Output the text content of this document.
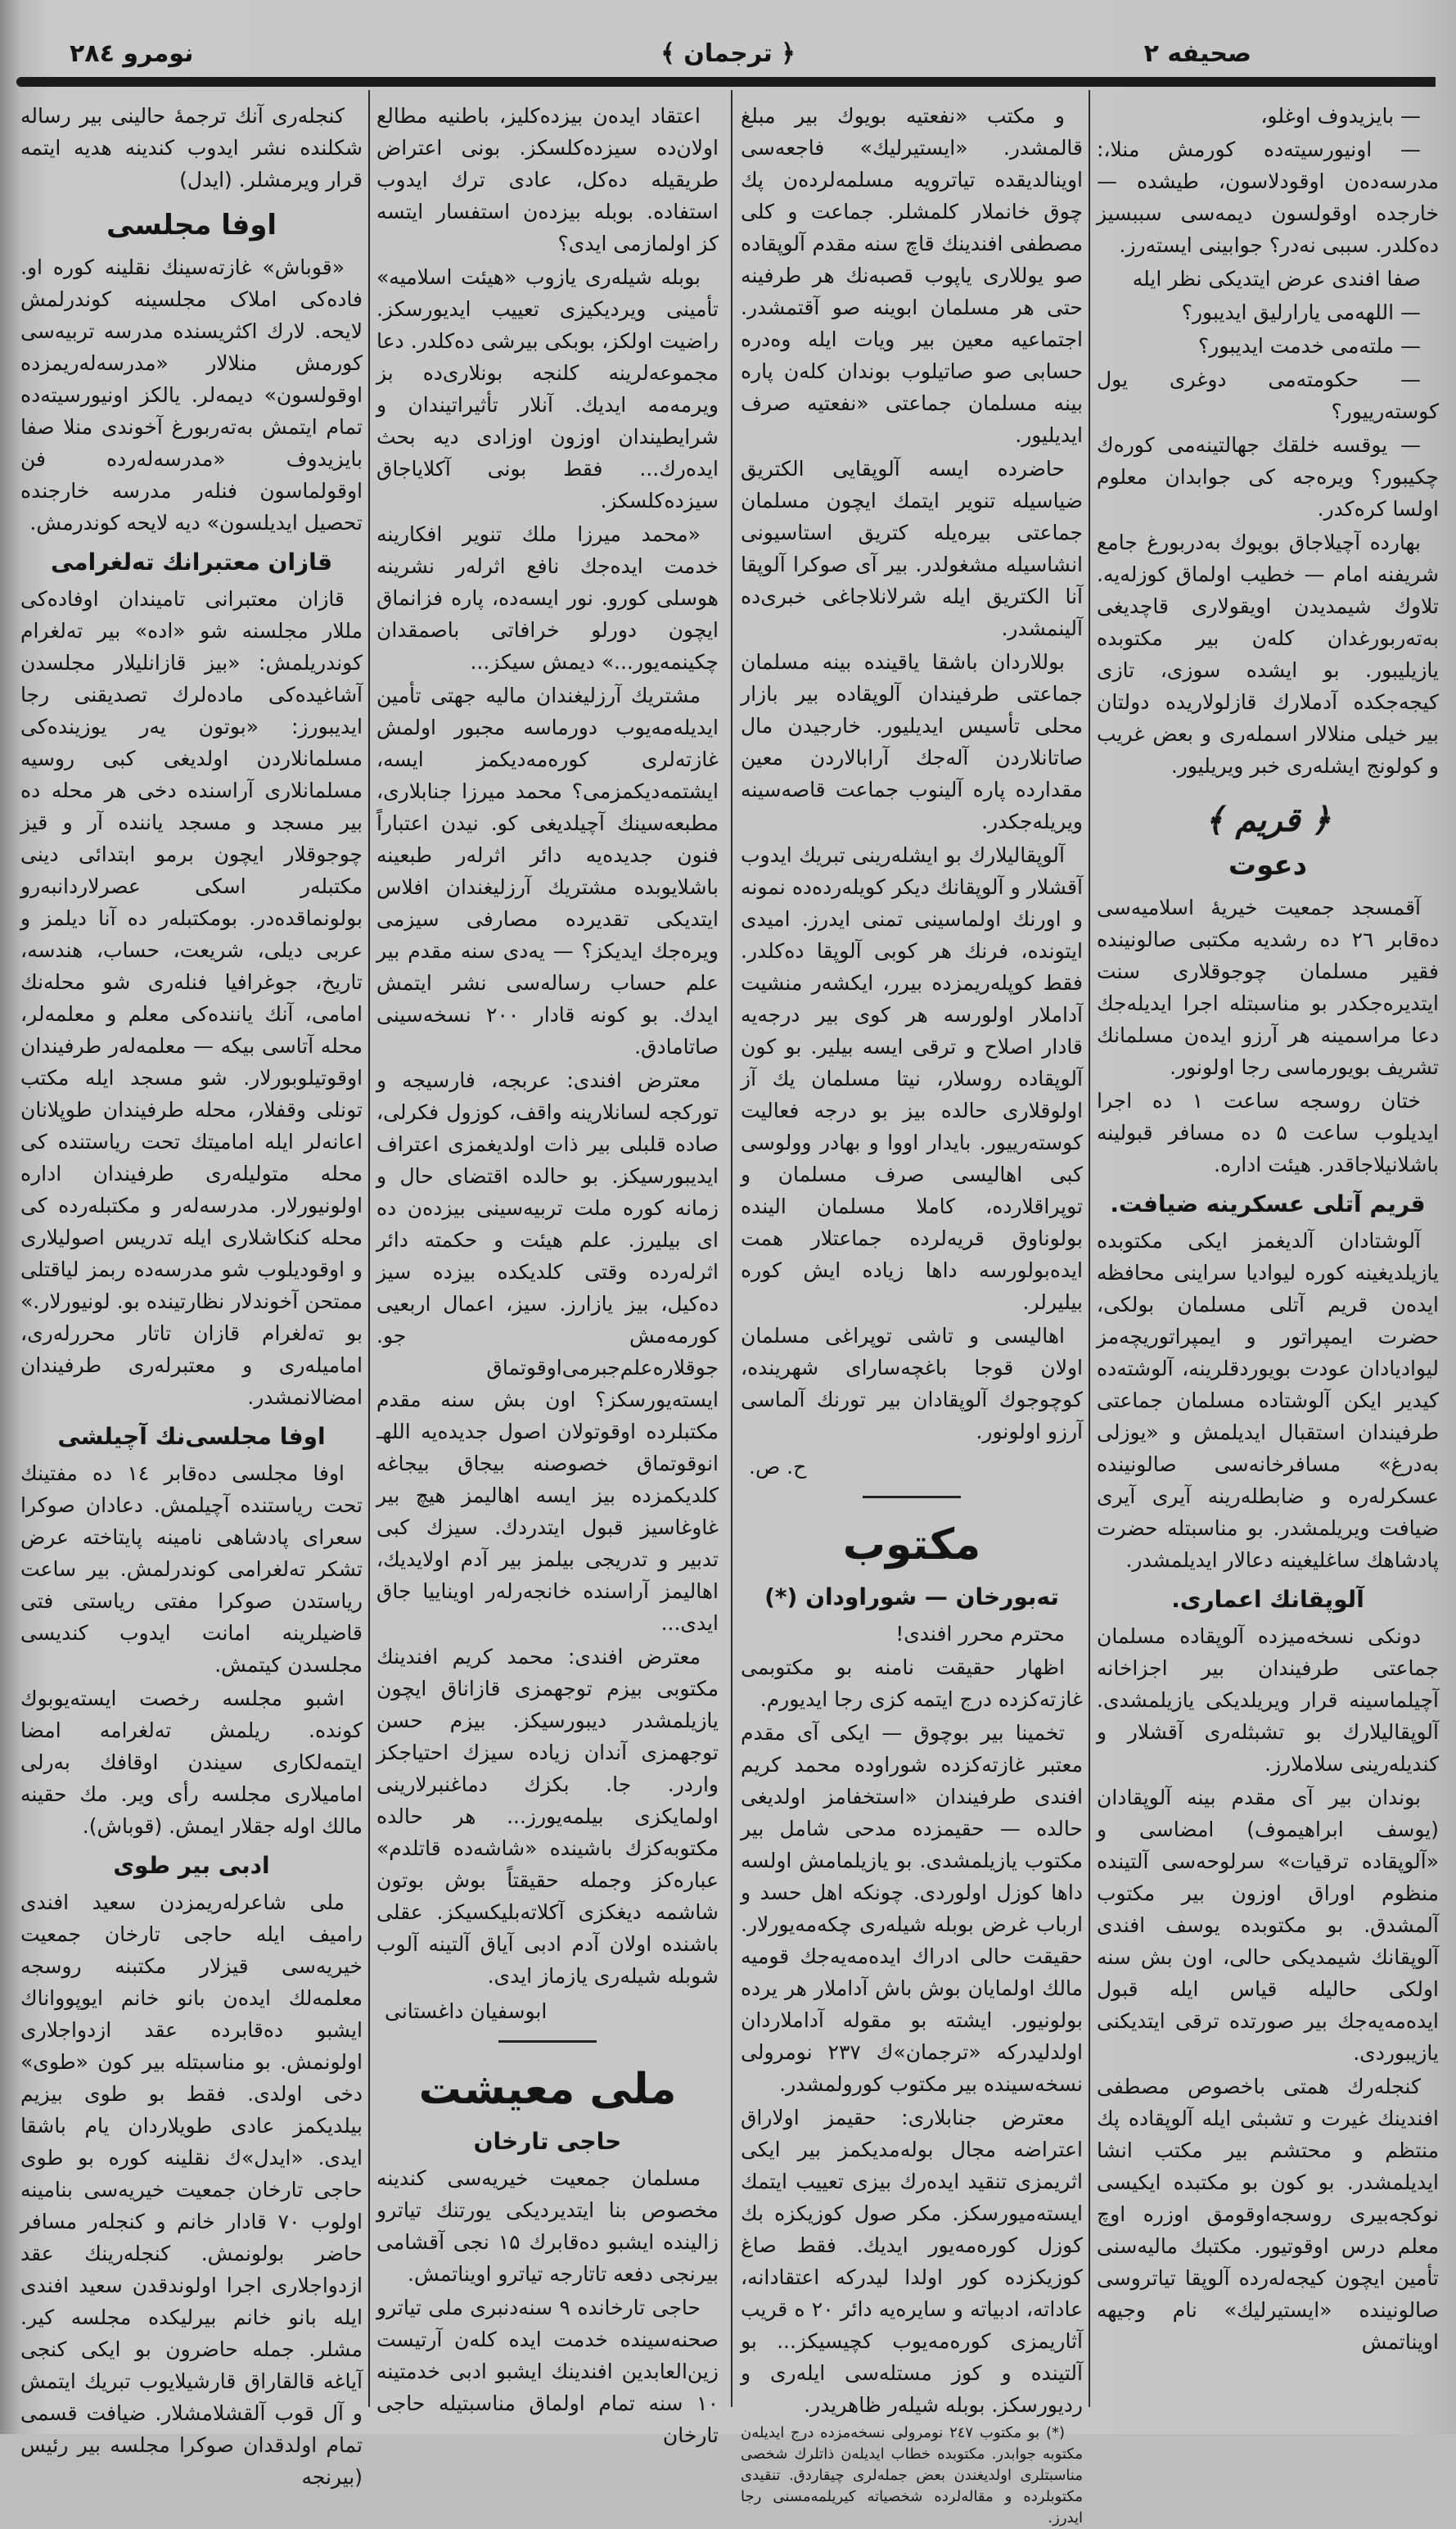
صحيفه ۲
﴿ ترجمان ﴾
نومرو ۲۸٤

— بایزیدوف اوغلو،

— اونیورسیتەده کورمش منلا،: مدرسەدەن اوقودلاسون، طیشده — خارجده اوقولسون دیمەسی سببسیز دەکلدر. سببی نەدر؟ جوابینی ایستەرز.

صفا افندی عرض ایتدیکی نظر ایله

— اللهەمی یارارلیق ایدیبور؟

— ملتەمی خدمت ایدیبور؟

— حکومتەمی دوغری یول کوستەرییور؟

— یوقسه خلقك جهالتینەمی کورەك چکیبور؟ ویرەجه کی جوابدان معلوم اولسا کرەکدر.

بهارده آچیلاجاق بویوك بەدربورغ جامع شریفنه امام — خطیب اولماق کوزلەیه. تلاوك شیمدیدن اویقولاری قاچدیغی بەتەربورغدان کلەن بیر مکتوبده یازیلیبور. بو ایشده سوزی، تازی کیجەجکده آدملارك قازلولاریده دولتان بیر خیلی منلالار اسملەری و بعض غریب و کولونج ایشلەری خبر ویریلیور.

﴿ قریم ﴾
دعوت

آقمسجد جمعیت خیریۀ اسلامیەسی دەقابر ۲٦ ده رشدیه مکتبی صالونینده فقیر مسلمان چوجوقلاری سنت ایتدیرەجکدر بو مناسبتله اجرا ایدیلەجك دعا مراسمینه هر آرزو ایدەن مسلمانك تشریف بویورماسی رجا اولونور.

ختان روسجه ساعت ۱ ده اجرا ایدیلوب ساعت ۵ ده مسافر قبولینه باشلانیلاجاقدر. هیئت اداره.

قریم آتلی عسکرینه ضیافت.

آلوشتادان آلدیغمز ایکی مکتوبده یازیلدیغینه کوره لیوادیا سراینی محافظه ایدەن قریم آتلی مسلمان بولکی، حضرت ایمپراتور و ایمپراتوریچەمز لیوادیادان عودت بویوردقلرینه، آلوشته‌ده کیدیر ایکن آلوشتاده مسلمان جماعتی طرفیندان استقبال ایدیلمش و «یوزلی بەدرغ» مسافرخانەسی صالونینده عسکرلەره و ضابطلەرینه آیری آیری ضیافت ویریلمشدر. بو مناسبتله حضرت پادشاهك ساغلیغینه دعالار ایدیلمشدر.

آلوپقانك اعماری.

دونکی نسخەمیزده آلوپقاده مسلمان جماعتی طرفیندان بیر اجزاخانه آچیلماسینه قرار ویریلدیکی یازیلمشدی. آلوپقالیلارك بو تشبثلەری آقشلار و کندیلەرینی سلاملارز.

بوندان بیر آی مقدم بینه آلوپقادان (یوسف ابراهیموف) امضاسی و «آلوپقاده ترقیات» سرلوحەسی آلتینده منظوم اوراق اوزون بیر مکتوب آلمشدق. بو مکتوبده یوسف افندی آلوپقانك شیمدیکی حالی، اون بش سنه اولکی حالیله قیاس ایلە قبول ایدەمەیەجك بیر صورتده ترقی ایتدیکنی یازیبوردی.

کنجلەرك همتی باخصوص مصطفی افندینك غیرت و تشبثی ایله آلوپقاده پك منتظم و محتشم بیر مکتب انشا ایدیلمشدر. بو کون بو مکتبده ایکیسی نوکجەبیری روسجەاوقومق اوزره اوچ معلم درس اوقوتیور. مکتبك مالیەسنی تأمین ایچون کیجەلەرده آلوپقا تیاتروسی صالونینده «ایستیرلیك» نام وجیهه اویناتمش

و مکتب «نفعتیه بویوك بیر مبلغ قالمشدر. «ایستیرلیك» فاجعەسی اوینالدیقده تیاترویه مسلمەلردەن پك چوق خانملار کلمشلر. جماعت و کلی مصطفی افندینك قاچ سنه مقدم آلوپقاده صو یوللاری یاپوب قصبەنك هر طرفینه حتی هر مسلمان ابوینه صو آقتمشدر. اجتماعیه معین بیر ویات ایله وەدره حسابی صو صاتیلوب بوندان کلەن پاره بینه مسلمان جماعتی «نفعتیه صرف ایدیلیور.

حاضرده ایسه آلوپقایی الکتریق ضیاسیله تنویر ایتمك ایچون مسلمان جماعتی بیرەیله کتریق استاسیونی انشاسیله مشغولدر. بیر آی صوکرا آلوپقا آنا الکتریق ایله شرلانلاجاغی خبری‌ده آلینمشدر.

بوللاردان باشقا یاقینده بینه مسلمان جماعتی طرفیندان آلوپقاده بیر بازار محلی تأسیس ایدیلیور. خارجیدن مال صاتانلاردن آلەجك آرابالاردن معین مقدارده پاره آلینوب جماعت قاصەسینه ویریلەجکدر.

آلوپقالیلارك بو ایشلەرینی تبریك ایدوب آقشلار و آلوپقانك دیکر کویلەرده‌ده نمونه و اورنك اولماسینی تمنی ایدرز. امیدی ایتونده، فرنك هر کوبی آلوپقا دەکلدر. فقط کوپلەریمزده بیرر، ایکشەر منشیت آداملار اولورسه هر کوی بیر درجەیه قادار اصلاح و ترقی ایسه بیلیر. بو کون آلوپقاده روسلار، نیتا مسلمان یك آز اولوقلاری حالده بیز بو درجه فعالیت کوستەرییور. بایدار اووا و بهادر وولوسی کبی اهالیسی صرف مسلمان و توپراقلارده، کاملا مسلمان الینده بولوناوق قریەلرده جماعتلار همت ایدەبولورسه داها زیاده ایش کوره بیلیرلر.

اهالیسی و تاشی توپراغی مسلمان اولان قوجا باغچەسارای شهرینده، کوچوجوك آلوپقادان بیر تورنك آلماسی آرزو اولونور.

ح. ص.

مکتوب
تەبورخان — شوراودان (*)

محترم محرر افندی!

اظهار حقیقت نامنه بو مکتوبمی غازتەکزده درج ایتمه کزی رجا ایدیورم.

تخمینا بیر بوچوق — ایکی آی مقدم معتبر غازتەکزده شوراوده محمد کریم افندی طرفیندان «استخفامز اولدیغی حالده — حقیمزده مدحی شامل بیر مکتوب یازیلمشدی. بو یازیلمامش اولسه داها کوزل اولوردی. چونکه اهل حسد و ارباب غرض بوبله شیلەری چکەمەیورلار. حقیقت حالی ادراك ایدەمەیەجك قومیه مالك اولمایان بوش باش آداملار هر یرده بولونیور. ایشته بو مقوله آداملاردان اولدلیدرکه «ترجمان»ك ۲۳۷ نومرولی نسخەسینده بیر مکتوب کورولمشدر.

معترض جنابلاری: حقیمز اولاراق اعتراضه مجال بولەمدیکمز بیر ایکی اثریمزی تنقید ایدەرك بیزی تعییب ایتمك ایستەمیورسکز. مکر صول کوزیکزه بك کوزل کورەمەیور ایدیك. فقط صاغ کوزیکزده کور اولدا لیدرکه اعتقادانه، عاداته، ادبیاته و سایرەیه دائر ۲۰ ه قریب آثاریمزی کورەمەیوب کچیسیکز... بو آلتینده و کوز مستلەسی ایلەری و ردیورسکز. بوبله شیلەر ظاهریدر.

(*) بو مکتوب ۲٤٧ نومرولی نسخەمزده درج ایدیلەن مکتوبه جوابدر. مکتوبده خطاب ایدیلەن ذاتلرك شخصی مناسبتلری اولدیغندن بعض جملەلری چیقاردق. تنقیدی مکتوبلرده و مقالەلرده شخصیاته کیریلمەمسنی رجا ایدرز.

اعتقاد ایدەن بیزدەکلیز، باطنیه مطالع اولان‌ده سیزدەکلسکز. بونی اعتراض طریقیله دەکل، عادی ترك ایدوب استفاده. بوبله بیزدەن استفسار ایتسه کز اولمازمی ایدی؟

بوبله شیلەری یازوب «هیئت اسلامیه» تأمینی ویردیکیزی تعییب ایدیورسکز. راضیت اولکز، بوبکی بیرشی دەکلدر. دعا مجموعەلرینه کلنجه بونلاری‌ده بز ویرمەمه ایدیك. آنلار تأثیراتیندان و شرایطیندان اوزون اوزادی دیه بحث ایدەرك... فقط بونی آکلایاجاق سیزدەکلسکز.

«محمد میرزا ملك تنویر افکارینه خدمت ایدەجك نافع اثرلەر نشرینه هوسلی کورو. نور ایسەده، پاره فزانماق ایچون دورلو خرافاتی باصمقدان چکینمەیور...» دیمش سیکز...

مشتریك آرزلیغندان مالیه جهتی تأمین ایدیلەمەیوب دورماسه مجبور اولمش غازتەلری کورەمەدیکمز ایسه، ایشتمەدیکمزمی؟ محمد میرزا جنابلاری، مطبعەسینك آچیلدیغی کو. نیدن اعتباراً فنون جدیدەیه دائر اثرلەر طبعینه باشلایوبده مشتریك آرزلیغندان افلاس ایتدیکی تقدیرده مصارفی سیزمی ویرەجك ایدیکز؟ — یەدی سنه مقدم بیر علم حساب رسالەسی نشر ایتمش ایدك. بو کونه قادار ۲۰۰ نسخەسینی صاتامادق.

معترض افندی: عربجه، فارسیجه و تورکجه لسانلارینه واقف، کوزول فکرلی، صاده قلبلی بیر ذات اولدیغمزی اعتراف ایدیبورسیکز. بو حالده اقتضای حال و زمانه کوره ملت تربیەسینی بیزدەن ده ای بیلیرز. علم هیئت و حکمته دائر اثرلەرده وقتی کلدیکده بیزده سیز دەکیل، بیز یازارز. سیز، اعمال اربعیی کورمەمش جو. جوقلارەعلم‌جبرمی‌اوقوتماق ایستەیورسکز؟ اون بش سنه مقدم مکتبلرده اوقوتولان اصول جدیده‌یه اللهـ انوقوتماق خصوصنه بیجاق بیجاغه کلدیکمزده بیز ایسه اهالیمز هیچ بیر غاوغاسیز قبول ایتدردك. سیزك کبی تدبیر و تدریجی بیلمز بیر آدم اولایدیك، اهالیمز آراسنده خانجەرلەر اویناییا جاق ایدی...

معترض افندی: محمد کریم افندینك مکتوبی بیزم توجهمزی قازاناق ایچون یازیلمشدر دیبورسیکز. بیزم حسن توجهمزی آندان زیاده سیزك احتیاجکز واردر. جا. بکزك دماغنبرلارینی اولمایکزی بیلمەیورز... هر حالده مکتوبەکزك باشینده «شاشەده قاتلدم» عباره‌کز وجمله حقیقتاً بوش بوتون شاشمه دیغکزی آکلاتەبلیکسیکز. عقلی باشنده اولان آدم ادبی آیاق آلتینه آلوب شوبله شیلەری یازماز ایدی.

ابوسفیان داغستانی

ملی معیشت
حاجی تارخان

مسلمان جمعیت خیریەسی کندینه مخصوص بنا ایتدیردیکی یورتنك تیاترو زالینده ایشبو دەقابرك ۱۵ نجی آقشامی بیرنجی دفعه تاتارجه تیاترو اویناتمش.

حاجی تارخانده ۹ سنەدنبری ملی تیاترو صحنەسینده خدمت ایدە کلەن آرتیست زین‌العابدین افندینك ایشبو ادبی خدمتینه ۱۰ سنه تمام اولماق مناسبتیله حاجی تارخان

کنجلەری آنك ترجمۀ حالینی بیر رساله شکلنده نشر ایدوب کندینه هدیه ایتمه قرار ویرمشلر. (ایدل)

اوفا مجلسی

«قوباش» غازتەسینك نقلینه کوره او. فاده‌کی املاک مجلسینه کوندرلمش لایحه. لارك اکثریسنده مدرسه تربیەسی کورمش منلالار «مدرسەلەریمزده اوقولسون» دیمەلر. یالکز اونیورسیتەده تمام ایتمش بەتەربورغ آخوندی منلا صفا بایزیدوف «مدرسەلەرده فن اوقولماسون فنلەر مدرسه خارجنده تحصیل ایدیلسون» دیه لایحه کوندرمش.

قازان معتبرانك تەلغرامی

قازان معتبرانی تامیندان اوفاده‌کی مللار مجلسنه شو «اده» بیر تەلغرام کوندریلمش: «بیز قازانلیلار مجلسدن آشاغیده‌کی مادەلرك تصدیقنی رجا ایدیبورز: «بوتون یەر یوزینده‌کی مسلمانلاردن اولدیغی کبی روسیه مسلمانلاری آراسنده دخی هر محله ده بیر مسجد و مسجد یاننده آر و قیز چوجوقلار ایچون برمو ابتدائی دینی مکتبلەر اسکی عصرلاردانبەرو بولونماقده‌در. بومکتبلەر ده آنا دیلمز و عربی دیلی، شریعت، حساب، هندسه، تاریخ، جوغرافیا فنلەری شو محلەنك امامی، آنك یاننده‌کی معلم و معلمەلر، محله آتاسی بیکه — معلمه‌لەر طرفیندان اوقوتیلوبورلار. شو مسجد ایله مکتب تونلی وقفلار، محله طرفیندان طوپلانان اعانەلر ایله امامیتك تحت ریاستنده کی محله متولیلەری طرفیندان اداره اولونیورلار. مدرسەلەر و مکتبلەرده کی محله کنکاشلاری ایله تدریس اصولیلاری و اوقودیلوب شو مدرسه‌ده ربمز لیاقتلی ممتحن آخوندلار نظارتینده بو. لونیورلار.» بو تەلغرام قازان تاتار محررلەری، امامیلەری و معتبرلەری طرفیندان امضالانمشدر.

اوفا مجلسی‌نك آچیلشی

اوفا مجلسی دەقابر ۱٤ ده مفتینك تحت ریاستنده آچیلمش. دعادان صوکرا سعرای پادشاهی نامینه پایتاخته عرض تشکر تەلغرامی کوندرلمش. بیر ساعت ریاستدن صوکرا مفتی ریاستی فتی قاضیلرینه امانت ایدوب کندیسی مجلسدن کیتمش.

اشبو مجلسه رخصت ایستەیوبوك کوندە. ریلمش تەلغرامه امضا ایتمه‌لکاری سیندن اوقافك بەرلی امامیلاری مجلسه رأی ویر. مك حقینه مالك اوله جقلار ایمش. (قوباش).

ادبی بیر طوی

ملی شاعرلەریمزدن سعید افندی رامیف ایله حاجی تارخان جمعیت خیریەسی قیزلار مکتبنه روسجه معلمەلك ایدەن بانو خانم ایوپوواناك ایشبو دەقابرده عقد ازدواجلاری اولونمش. بو مناسبتله بیر کون «طوی» دخی اولدی. فقط بو طوی بیزیم بیلدیکمز عادی طویلاردان یام باشقا ایدی. «ایدل»ك نقلینه کوره بو طوی حاجی تارخان جمعیت خیریەسی بنامینه اولوب ۷۰ قادار خانم و کنجلەر مسافر حاضر بولونمش. کنجلەرینك عقد ازدواجلاری اجرا اولوندقدن سعید افندی ایله بانو خانم بیرلیکده مجلسه کیر. مشلر. جمله حاضرون بو ایکی کنجی آیاغه قالقاراق قارشیلایوب تبریك ایتمش و آل قوب آلقشلامشلار. ضیافت قسمی تمام اولدقدان صوکرا مجلسه بیر رئیس (بیرنجه
